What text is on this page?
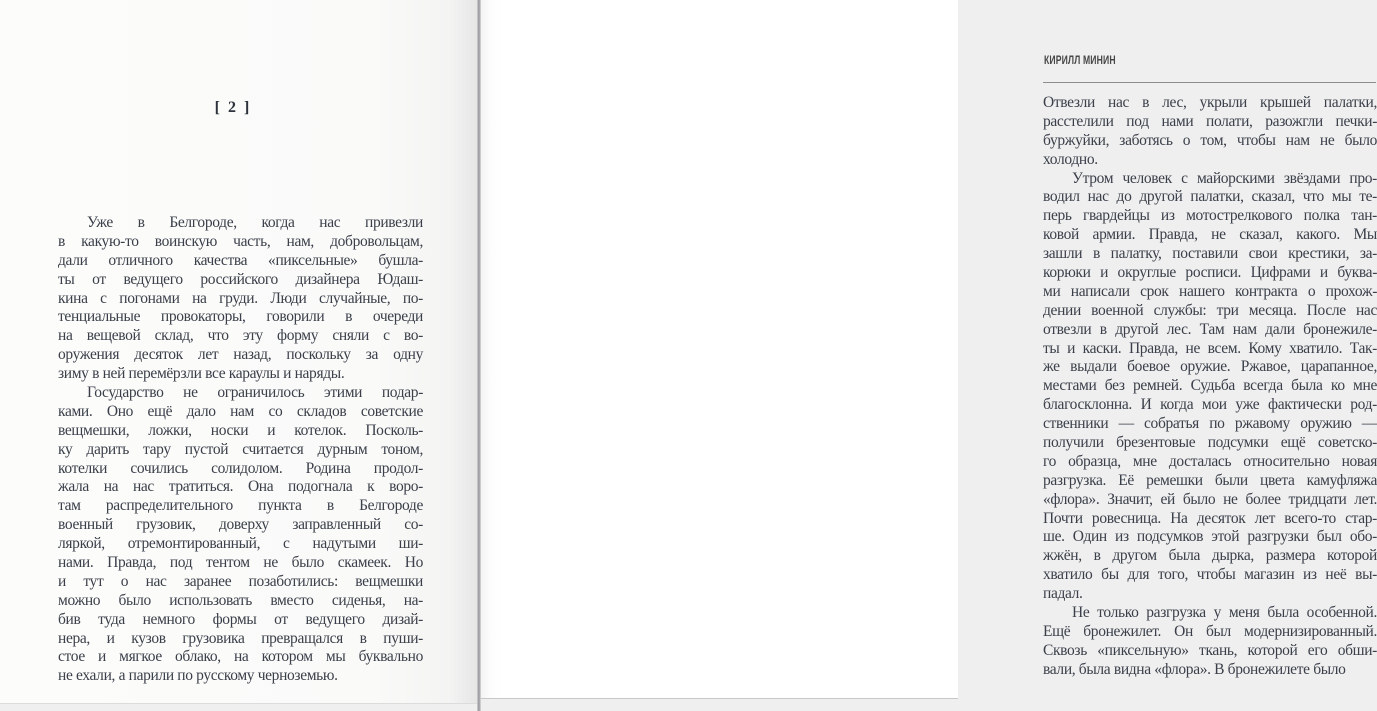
[ 2 ]
Уже в Белгороде, когда нас привезли
в какую-то воинскую часть, нам, добровольцам,
дали отличного качества «пиксельные» бушла-
ты от ведущего российского дизайнера Юдаш-
кина с погонами на груди. Люди случайные, по-
тенциальные провокаторы, говорили в очереди
на вещевой склад, что эту форму сняли с во-
оружения десяток лет назад, поскольку за одну
зиму в ней перемёрзли все караулы и наряды.
Государство не ограничилось этими подар-
ками. Оно ещё дало нам со складов советские
вещмешки, ложки, носки и котелок. Посколь-
ку дарить тару пустой считается дурным тоном,
котелки сочились солидолом. Родина продол-
жала на нас тратиться. Она подогнала к воро-
там распределительного пункта в Белгороде
военный грузовик, доверху заправленный со-
ляркой, отремонтированный, с надутыми ши-
нами. Правда, под тентом не было скамеек. Но
и тут о нас заранее позаботились: вещмешки
можно было использовать вместо сиденья, на-
бив туда немного формы от ведущего дизай-
нера, и кузов грузовика превращался в пуши-
стое и мягкое облако, на котором мы буквально
не ехали, а парили по русскому черноземью.
КИРИЛЛ МИНИН
Отвезли нас в лес, укрыли крышей палатки,
расстелили под нами полати, разожгли печки-
буржуйки, заботясь о том, чтобы нам не было
холодно.
Утром человек с майорскими звёздами про-
водил нас до другой палатки, сказал, что мы те-
перь гвардейцы из мотострелкового полка тан-
ковой армии. Правда, не сказал, какого. Мы
зашли в палатку, поставили свои крестики, за-
корюки и округлые росписи. Цифрами и буква-
ми написали срок нашего контракта о прохож-
дении военной службы: три месяца. После нас
отвезли в другой лес. Там нам дали бронежиле-
ты и каски. Правда, не всем. Кому хватило. Так-
же выдали боевое оружие. Ржавое, царапанное,
местами без ремней. Судьба всегда была ко мне
благосклонна. И когда мои уже фактически род-
ственники — собратья по ржавому оружию —
получили брезентовые подсумки ещё советско-
го образца, мне досталась относительно новая
разгрузка. Её ремешки были цвета камуфляжа
«флора». Значит, ей было не более тридцати лет.
Почти ровесница. На десяток лет всего-то стар-
ше. Один из подсумков этой разгрузки был обо-
жжён, в другом была дырка, размера которой
хватило бы для того, чтобы магазин из неё вы-
падал.
Не только разгрузка у меня была особенной.
Ещё бронежилет. Он был модернизированный.
Сквозь «пиксельную» ткань, которой его обши-
вали, была видна «флора». В бронежилете было
